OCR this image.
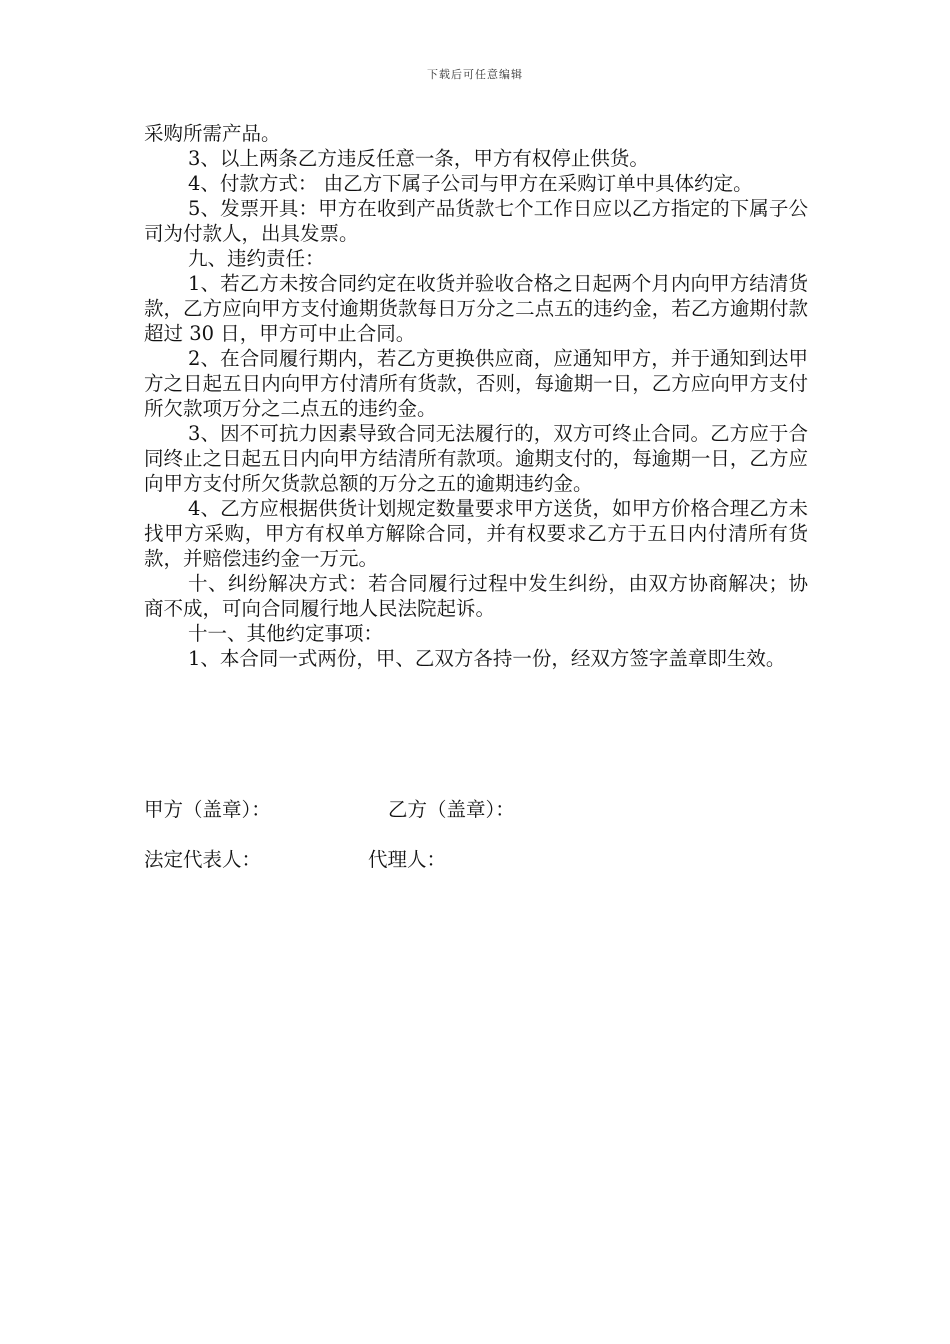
下载后可任意编辑

采购所需产品。

3、以上两条乙方违反任意一条，甲方有权停止供货。

4、付款方式： 由乙方下属子公司与甲方在采购订单中具体约定。

5、发票开具：甲方在收到产品货款七个工作日应以乙方指定的下属子公司为付款人，出具发票。

九、违约责任：

1、若乙方未按合同约定在收货并验收合格之日起两个月内向甲方结清货款，乙方应向甲方支付逾期货款每日万分之二点五的违约金，若乙方逾期付款超过 30 日，甲方可中止合同。

2、在合同履行期内，若乙方更换供应商，应通知甲方，并于通知到达甲方之日起五日内向甲方付清所有货款，否则，每逾期一日，乙方应向甲方支付所欠款项万分之二点五的违约金。

3、因不可抗力因素导致合同无法履行的，双方可终止合同。乙方应于合同终止之日起五日内向甲方结清所有款项。逾期支付的，每逾期一日，乙方应向甲方支付所欠货款总额的万分之五的逾期违约金。

4、乙方应根据供货计划规定数量要求甲方送货，如甲方价格合理乙方未找甲方采购，甲方有权单方解除合同，并有权要求乙方于五日内付清所有货款，并赔偿违约金一万元。

十、纠纷解决方式：若合同履行过程中发生纠纷，由双方协商解决；协商不成，可向合同履行地人民法院起诉。

十一、其他约定事项：

1、本合同一式两份，甲、乙双方各持一份，经双方签字盖章即生效。

甲方（盖章）：	乙方（盖章）：
法定代表人：	代理人：
